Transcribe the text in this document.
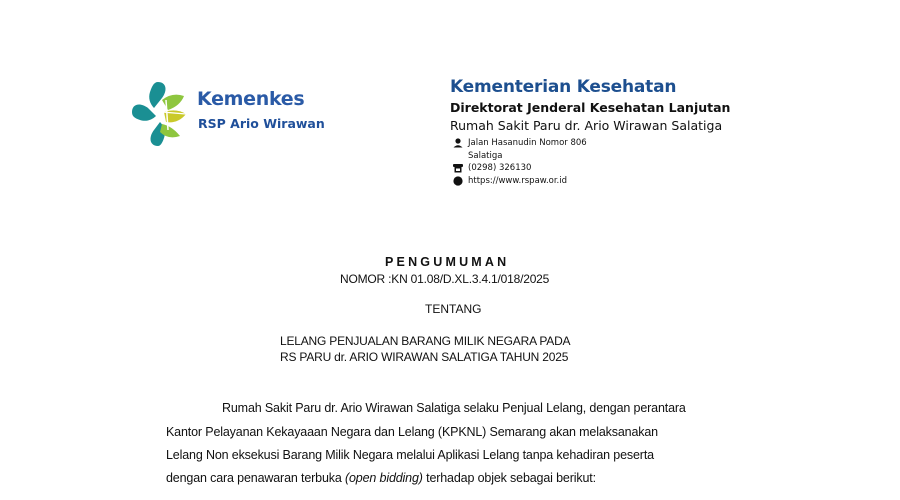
Kemenkes
RSP Ario Wirawan
Kementerian Kesehatan
Direktorat Jenderal Kesehatan Lanjutan
Rumah Sakit Paru dr. Ario Wirawan Salatiga
Jalan Hasanudin Nomor 806
Salatiga
(0298) 326130
https://www.rspaw.or.id
PENGUMUMAN
NOMOR :KN 01.08/D.XL.3.4.1/018/2025
TENTANG
LELANG PENJUALAN BARANG MILIK NEGARA PADA
RS PARU dr. ARIO WIRAWAN SALATIGA TAHUN 2025
Rumah Sakit Paru dr. Ario Wirawan Salatiga selaku Penjual Lelang, dengan perantara
Kantor Pelayanan Kekayaaan Negara dan Lelang (KPKNL) Semarang akan melaksanakan
Lelang Non eksekusi Barang Milik Negara melalui Aplikasi Lelang tanpa kehadiran peserta
dengan cara penawaran terbuka (open bidding) terhadap objek sebagai berikut:
